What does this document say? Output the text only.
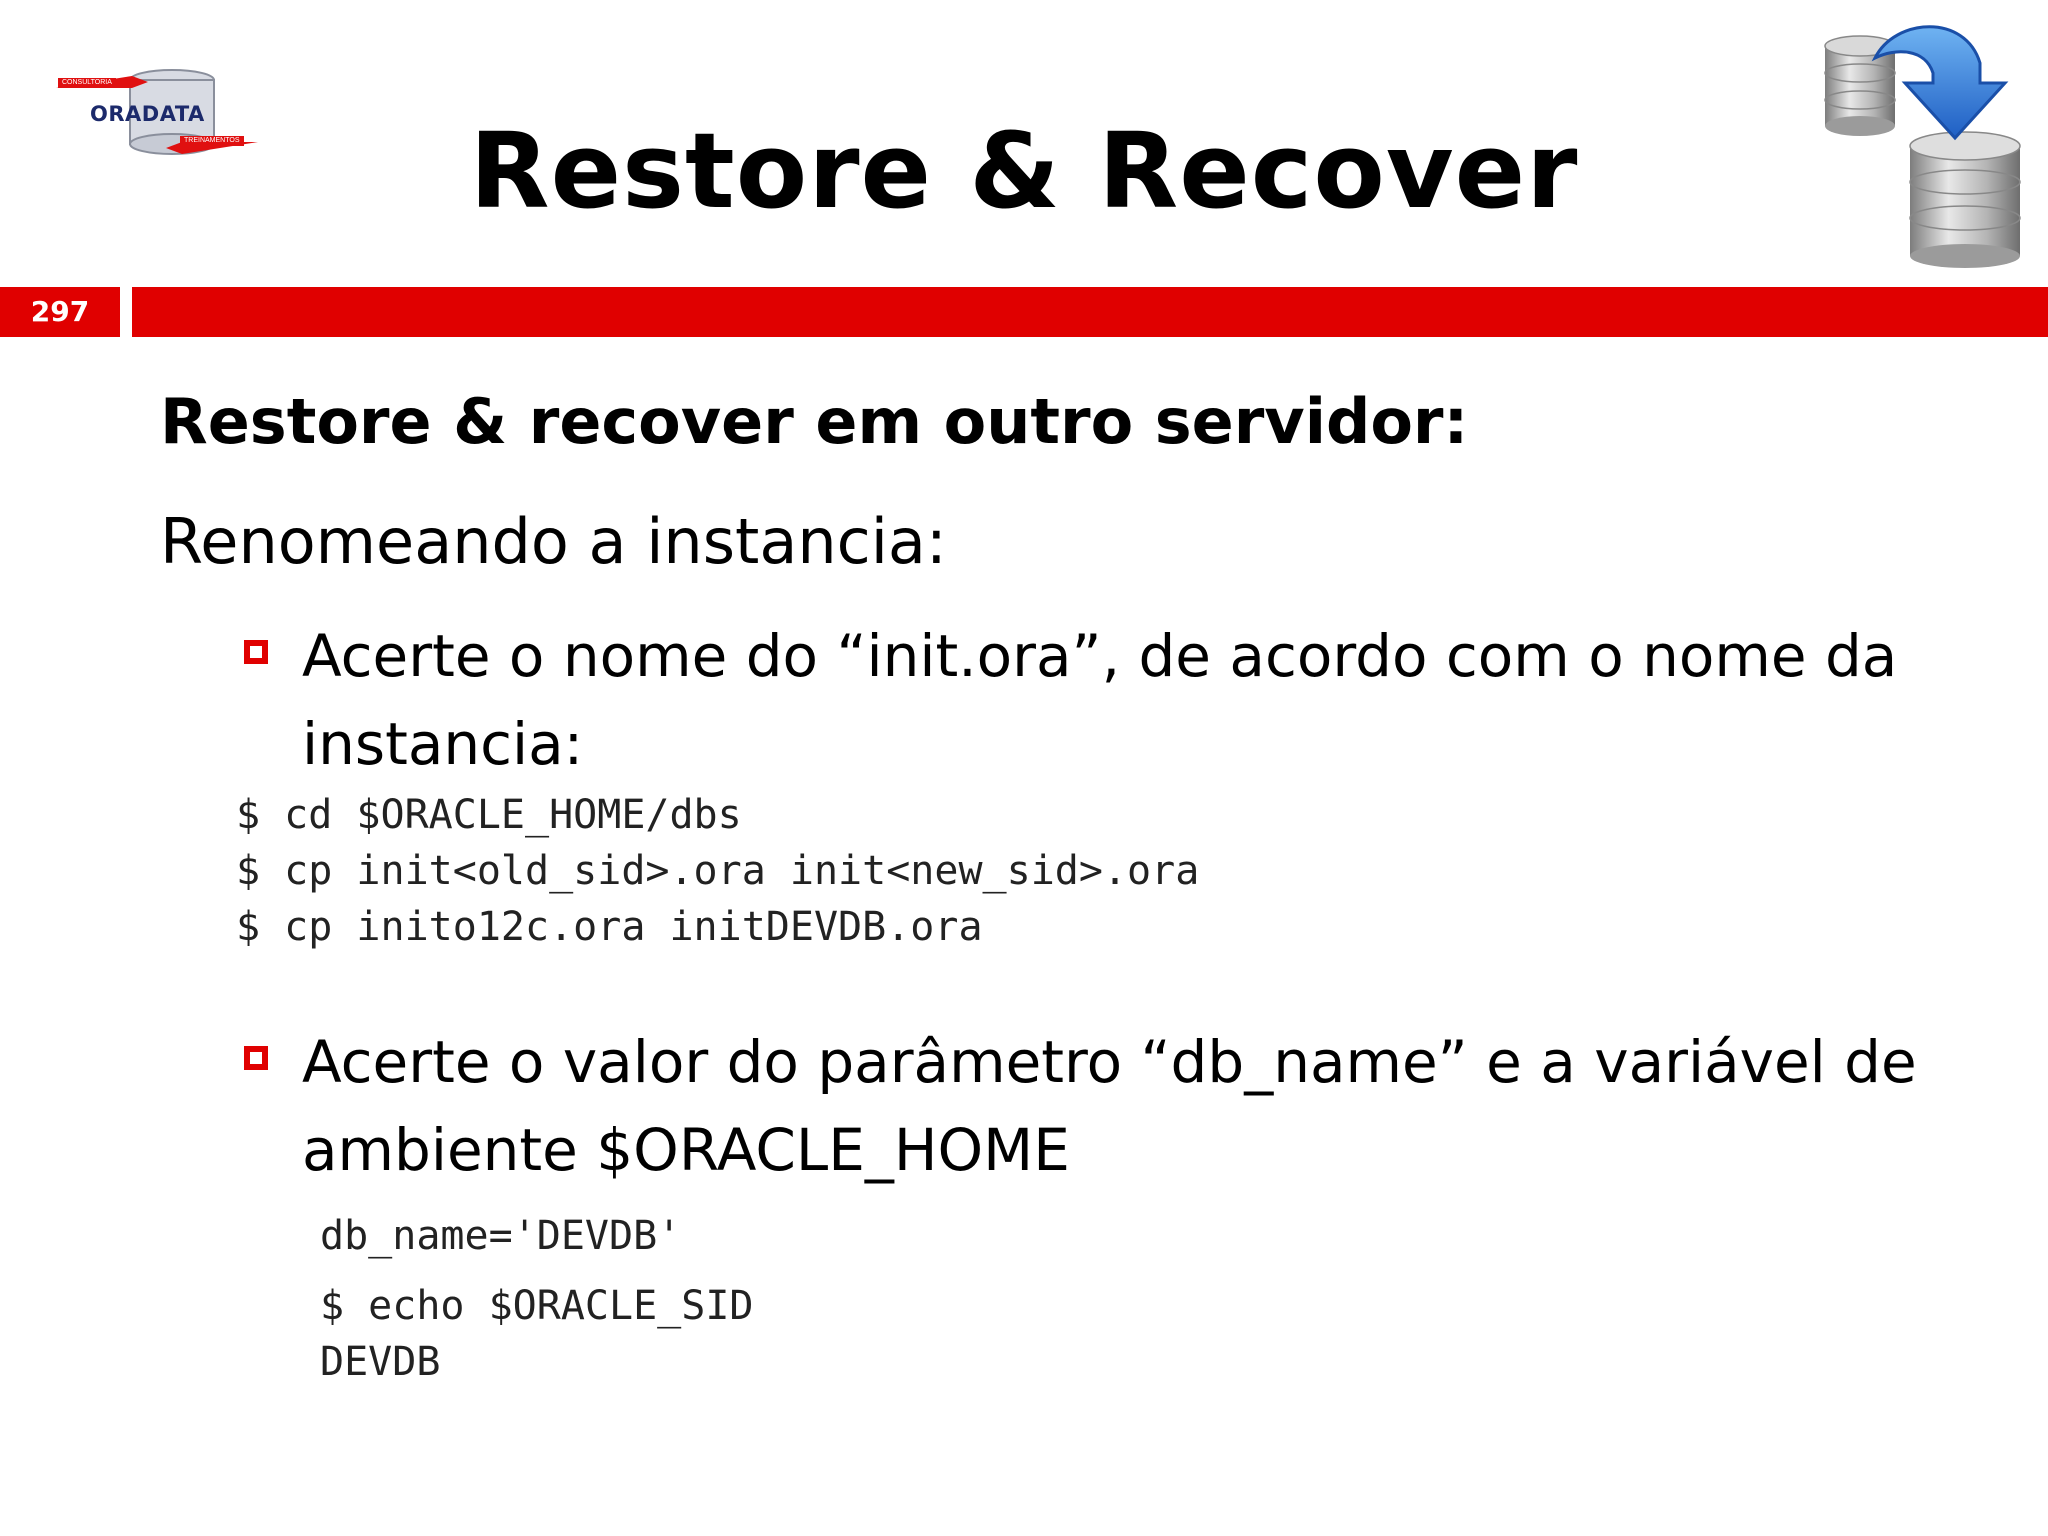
CONSULTORIA
ORADATA
TREINAMENTOS	Restore & Recover
297
Restore & recover em outro servidor:
Renomeando a instancia:
Acerte o nome do “init.ora”, de acordo com o nome da instancia:
$ cd $ORACLE_HOME/dbs
$ cp init<old_sid>.ora init<new_sid>.ora
$ cp inito12c.ora initDEVDB.ora
Acerte o valor do parâmetro “db_name” e a variável de ambiente $ORACLE_HOME
db_name='DEVDB'
$ echo $ORACLE_SID
DEVDB
